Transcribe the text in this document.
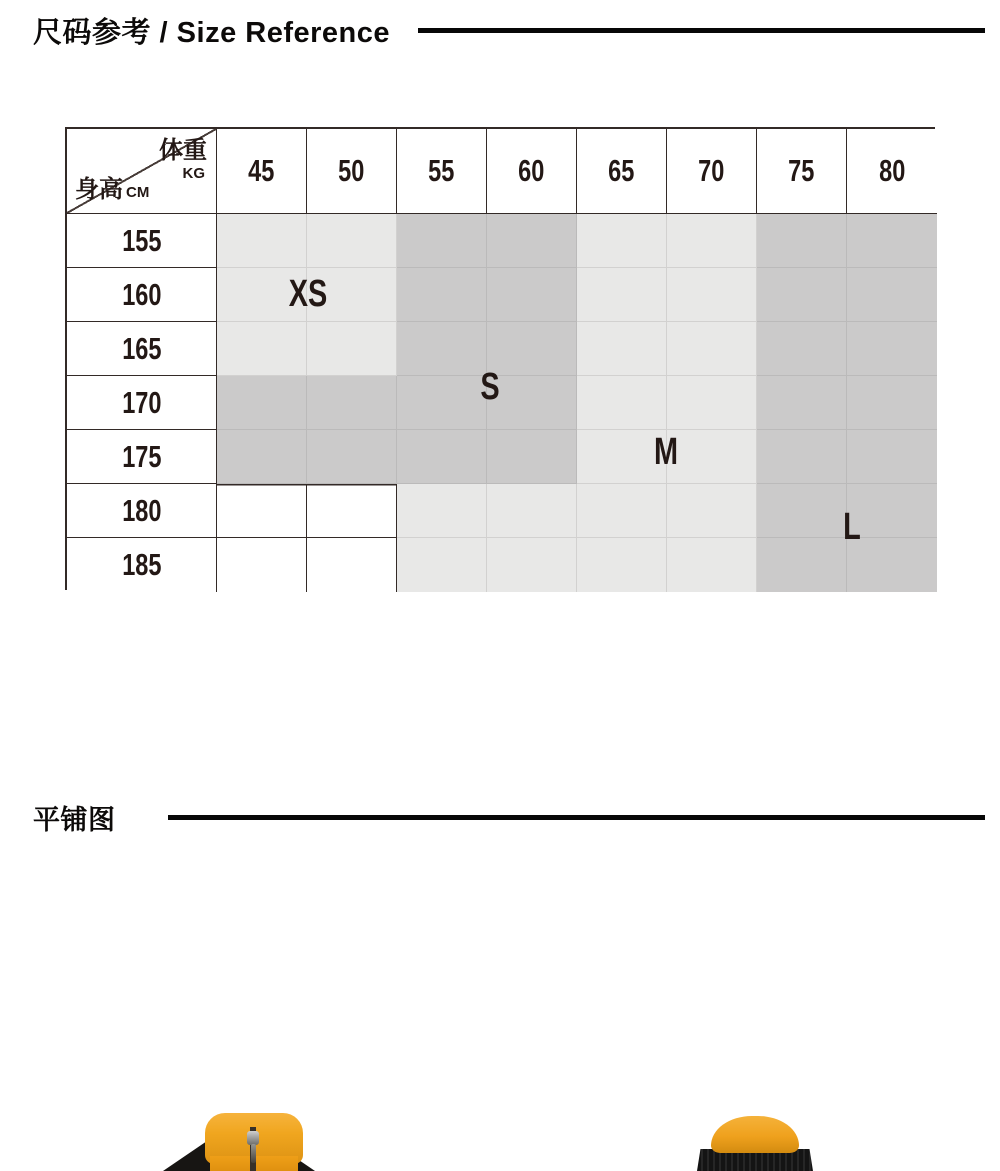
尺码参考 / Size Reference
体重
KG
身高 CM
45 50 55 60 65 70 75 80
155
160
165
170
175
180
185
XS
S
M
L
平铺图
